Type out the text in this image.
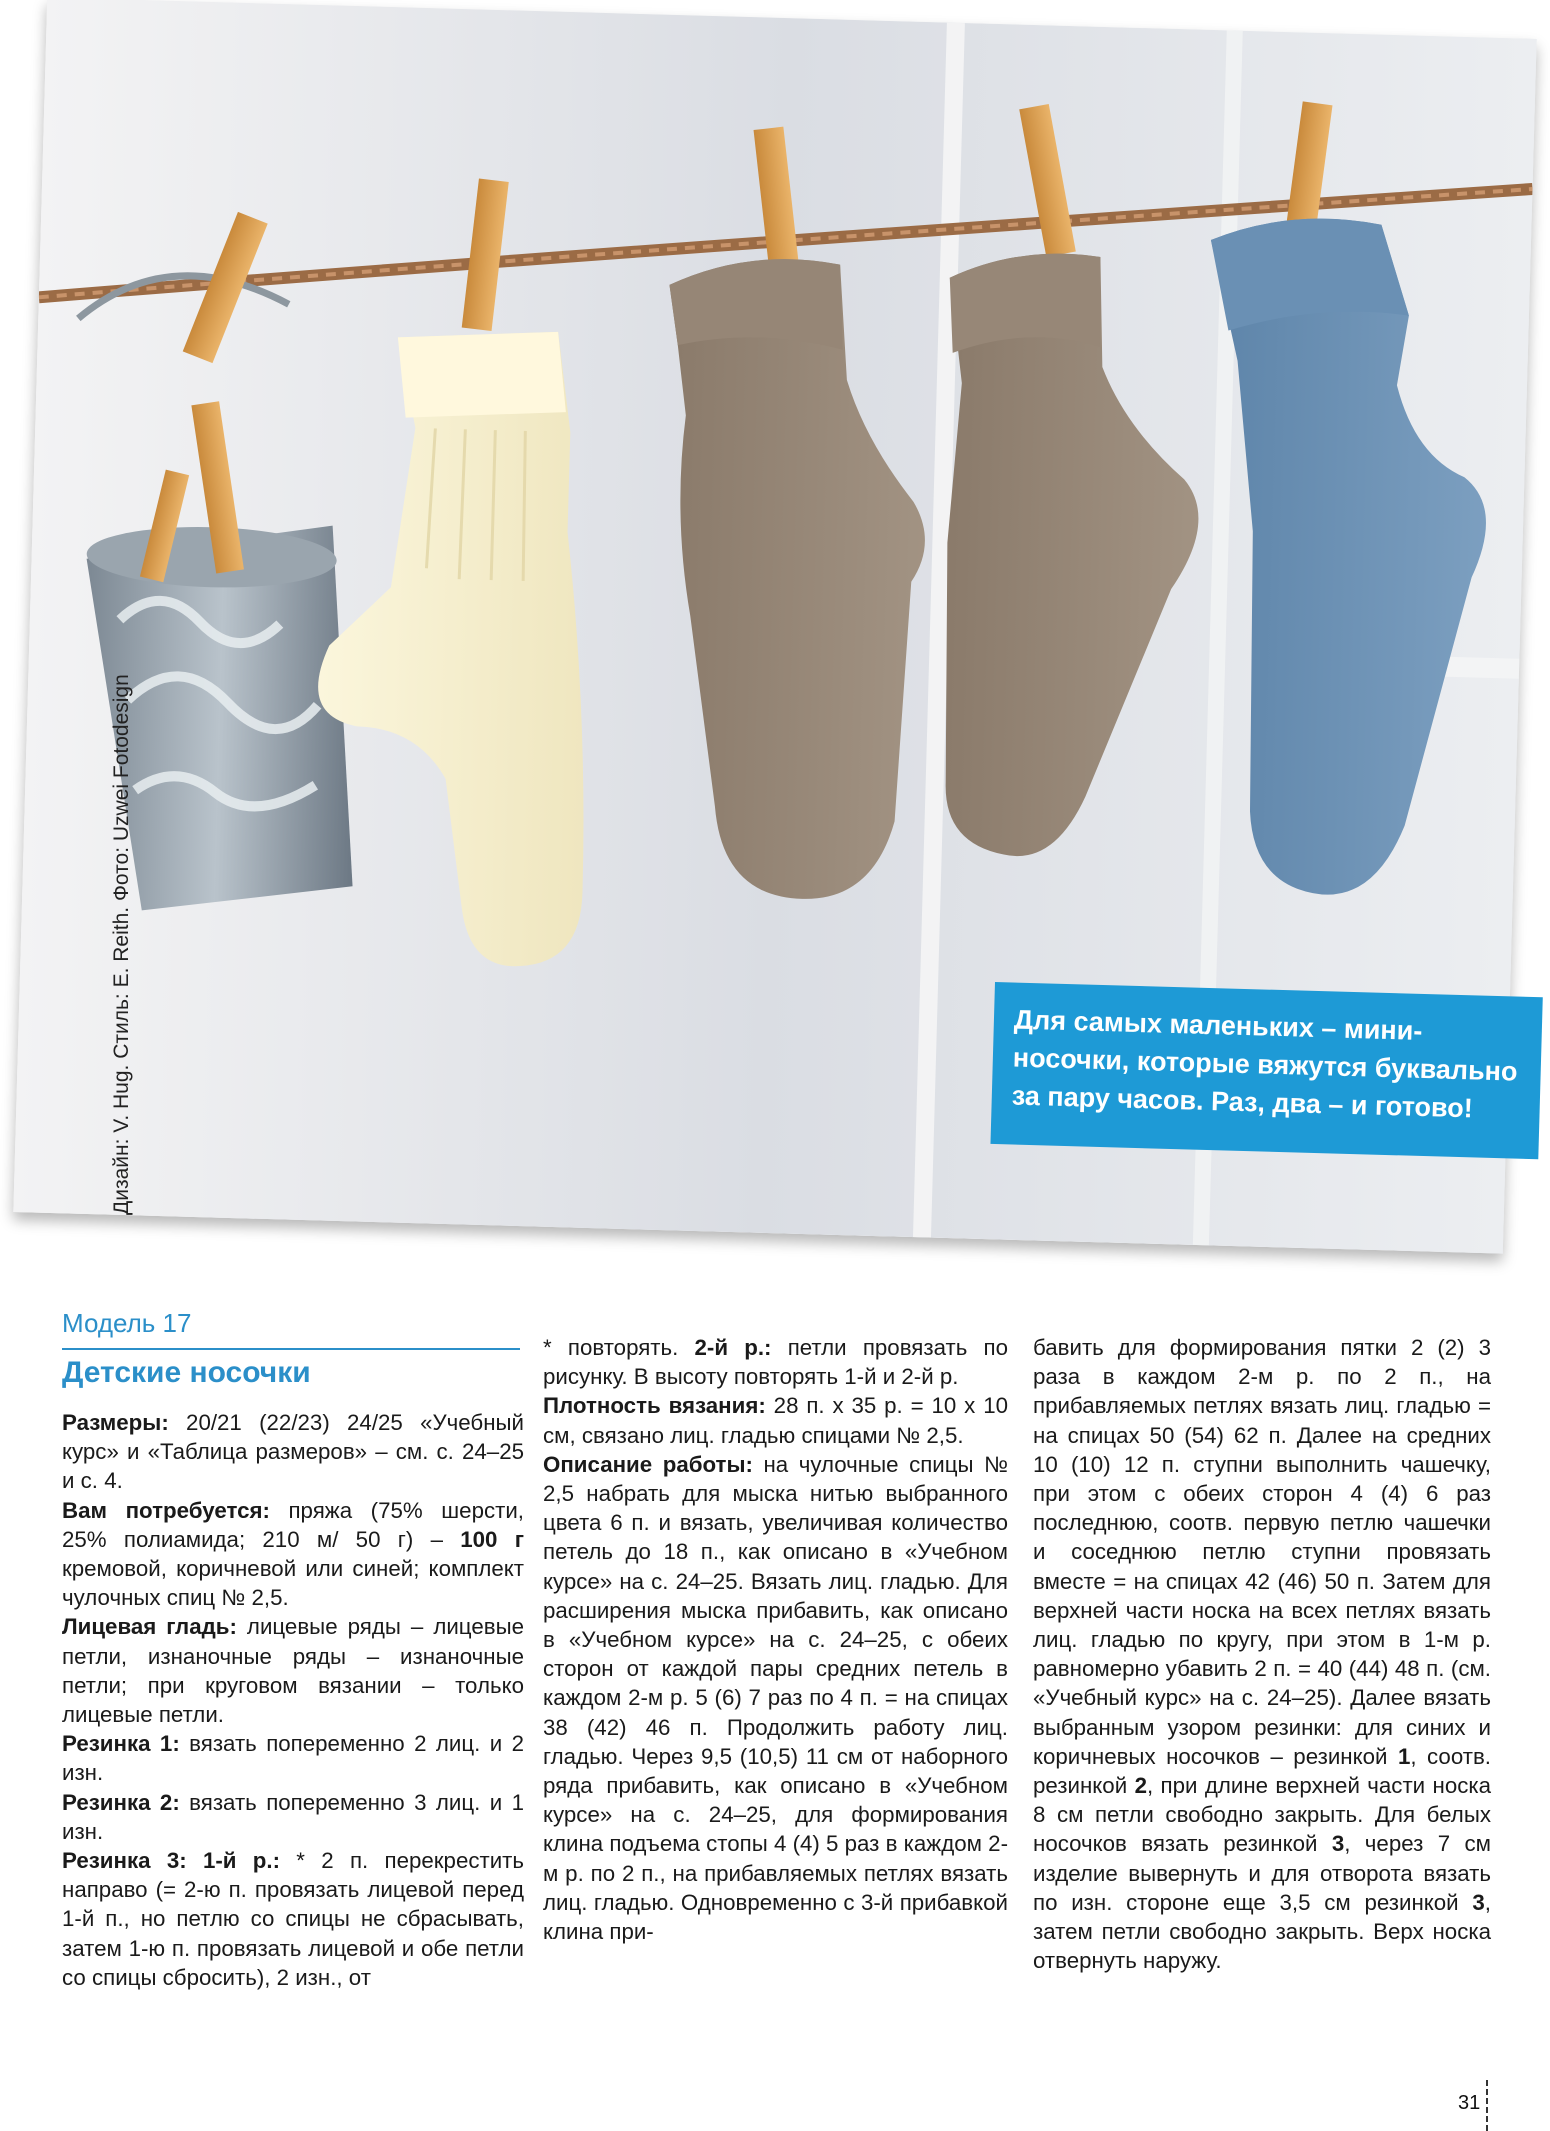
Дизайн: V. Hug. Стиль: E. Reith. Фото: Uzwei Fotodesign	Для самых маленьких – мини-носочки, которые вяжутся буквально за пару часов. Раз, два – и готово!
Модель 17
Детские носочки

Размеры: 20/21 (22/23) 24/25 «Учебный курс» и «Таблица размеров» – см. с. 24–25 и с. 4.

Вам потребуется: пряжа (75% шерсти, 25% полиамида; 210 м/ 50 г) – 100 г кремовой, коричневой или синей; комплект чулочных спиц № 2,5.

Лицевая гладь: лицевые ряды – лицевые петли, изнаночные ряды – изнаночные петли; при круговом вязании – только лицевые петли.

Резинка 1: вязать попеременно 2 лиц. и 2 изн.

Резинка 2: вязать попеременно 3 лиц. и 1 изн.

Резинка 3: 1-й р.: * 2 п. перекрестить направо (= 2-ю п. провязать лицевой перед 1-й п., но петлю со спицы не сбрасывать, затем 1-ю п. провязать лицевой и обе петли со спицы сбросить), 2 изн., от

* повторять. 2-й р.: петли провязать по рисунку. В высоту повторять 1-й и 2-й р.

Плотность вязания: 28 п. х 35 р. = 10 х 10 см, связано лиц. гладью спицами № 2,5.

Описание работы: на чулочные спицы № 2,5 набрать для мыска нитью выбранного цвета 6 п. и вязать, увеличивая количество петель до 18 п., как описано в «Учебном курсе» на с. 24–25. Вязать лиц. гладью. Для расширения мыска прибавить, как описано в «Учебном курсе» на с. 24–25, с обеих сторон от каждой пары средних петель в каждом 2-м р. 5 (6) 7 раз по 4 п. = на спицах 38 (42) 46 п. Продолжить работу лиц. гладью. Через 9,5 (10,5) 11 см от наборного ряда прибавить, как описано в «Учебном курсе» на с. 24–25, для формирования клина подъема стопы 4 (4) 5 раз в каждом 2-м р. по 2 п., на прибавляемых петлях вязать лиц. гладью. Одновременно с 3-й прибавкой клина при-

бавить для формирования пятки 2 (2) 3 раза в каждом 2-м р. по 2 п., на прибавляемых петлях вязать лиц. гладью = на спицах 50 (54) 62 п. Далее на средних 10 (10) 12 п. ступни выполнить чашечку, при этом с обеих сторон 4 (4) 6 раз последнюю, соотв. первую петлю чашечки и соседнюю петлю ступни провязать вместе = на спицах 42 (46) 50 п. Затем для верхней части носка на всех петлях вязать лиц. гладью по кругу, при этом в 1-м р. равномерно убавить 2 п. = 40 (44) 48 п. (см. «Учебный курс» на с. 24–25). Далее вязать выбранным узором резинки: для синих и коричневых носочков – резинкой 1, соотв. резинкой 2, при длине верхней части носка 8 см петли свободно закрыть. Для белых носочков вязать резинкой 3, через 7 см изделие вывернуть и для отворота вязать по изн. стороне еще 3,5 см резинкой 3, затем петли свободно закрыть. Верх носка отвернуть наружу.

31
